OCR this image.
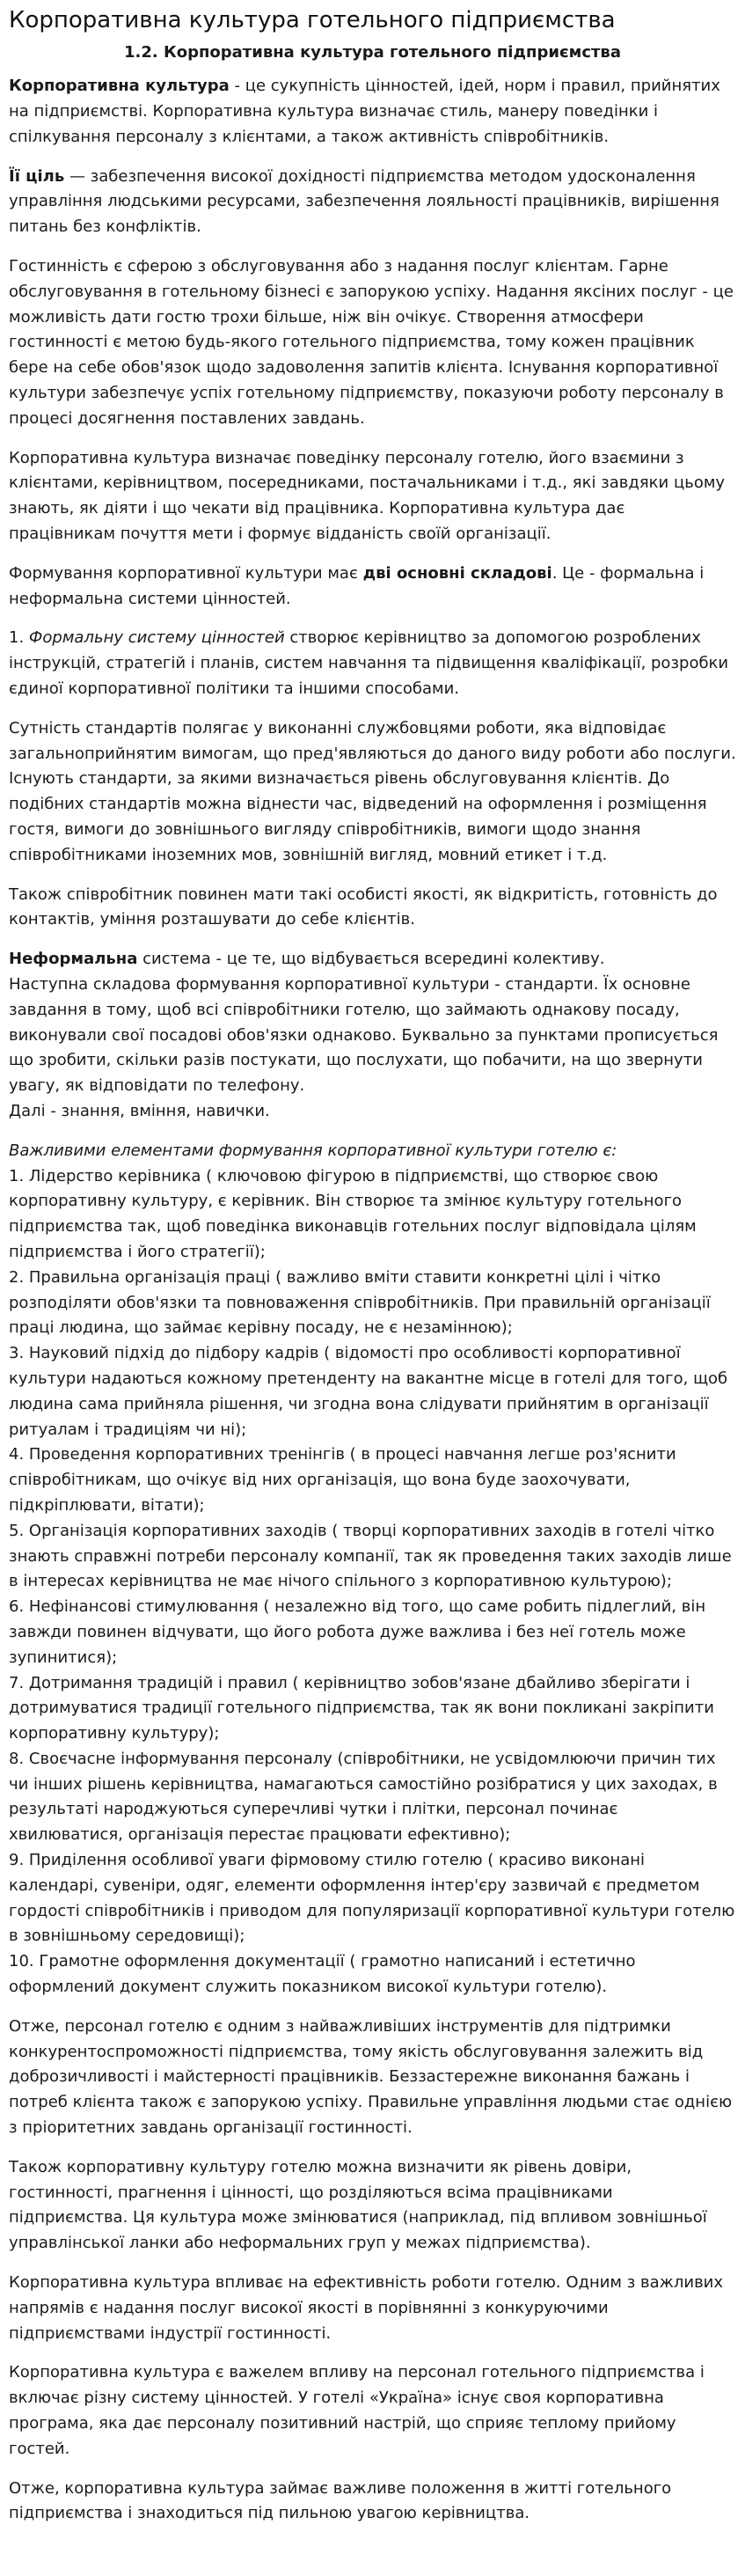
Корпоративна культура готельного підприємства
1.2. Корпоративна культура готельного підприємства

Корпоративна культура - це сукупність цінностей, ідей, норм і правил, прийнятих на підприємстві. Корпоративна культура визначає стиль, манеру поведінки і спілкування персоналу з клієнтами, а також активність співробітників.

Її ціль — забезпечення високої дохідності підприємства методом удосконалення управління людськими ресурсами, забезпечення лояльності працівників, вирішення питань без конфліктів.

Гостинність є сферою з обслуговування або з надання послуг клієнтам. Гарне обслуговування в готельному бізнесі є запорукою успіху. Надання яксіних послуг - це можливість дати гостю трохи більше, ніж він очікує. Створення атмосфери гостинності є метою будь-якого готельного підприємства, тому кожен працівник бере на себе обов'язок щодо задоволення запитів клієнта. Існування корпоративної культури забезпечує успіх готельному підприємству, показуючи роботу персоналу в процесі досягнення поставлених завдань.

Корпоративна культура визначає поведінку персоналу готелю, його взаємини з клієнтами, керівництвом, посередниками, постачальниками і т.д., які завдяки цьому знають, як діяти і що чекати від працівника. Корпоративна культура дає працівникам почуття мети і формує відданість своїй організації.

Формування корпоративної культури має дві основні складові. Це - формальна і неформальна системи цінностей.

1. Формальну систему цінностей створює керівництво за допомогою розроблених інструкцій, стратегій і планів, систем навчання та підвищення кваліфікації, розробки єдиної корпоративної політики та іншими способами.

Сутність стандартів полягає у виконанні службовцями роботи, яка відповідає загальноприйнятим вимогам, що пред'являються до даного виду роботи або послуги. Існують стандарти, за якими визначається рівень обслуговування клієнтів. До подібних стандартів можна віднести час, відведений на оформлення і розміщення гостя, вимоги до зовнішнього вигляду співробітників, вимоги щодо знання співробітниками іноземних мов, зовнішній вигляд, мовний етикет і т.д.

Також співробітник повинен мати такі особисті якості, як відкритість, готовність до контактів, уміння розташувати до себе клієнтів.

Неформальна система - це те, що відбувається всередині колективу.
Наступна складова формування корпоративної культури - стандарти. Їх основне завдання в тому, щоб всі співробітники готелю, що займають однакову посаду, виконували свої посадові обов'язки однаково. Буквально за пунктами прописується що зробити, скільки разів постукати, що послухати, що побачити, на що звернути увагу, як відповідати по телефону.
Далі - знання, вміння, навички.

Важливими елементами формування корпоративної культури готелю є:

1. Лідерство керівника ( ключовою фігурою в підприємстві, що створює свою корпоративну культуру, є керівник. Він створює та змінює культуру готельного підприємства так, щоб поведінка виконавців готельних послуг відповідала цілям підприємства і його стратегії);
2. Правильна організація праці ( важливо вміти ставити конкретні цілі і чітко розподіляти обов'язки та повноваження співробітників. При правильній організації праці людина, що займає керівну посаду, не є незамінною);
3. Науковий підхід до підбору кадрів ( відомості про особливості корпоративної культури надаються кожному претенденту на вакантне місце в готелі для того, щоб людина сама прийняла рішення, чи згодна вона слідувати прийнятим в організації ритуалам і традиціям чи ні);
4. Проведення корпоративних тренінгів ( в процесі навчання легше роз'яснити співробітникам, що очікує від них організація, що вона буде заохочувати, підкріплювати, вітати);
5. Організація корпоративних заходів ( творці корпоративних заходів в готелі чітко знають справжні потреби персоналу компанії, так як проведення таких заходів лише в інтересах керівництва не має нічого спільного з корпоративною культурою);
6. Нефінансові стимулювання ( незалежно від того, що саме робить підлеглий, він завжди повинен відчувати, що його робота дуже важлива і без неї готель може зупинитися);
7. Дотримання традицій і правил ( керівництво зобов'язане дбайливо зберігати і дотримуватися традиції готельного підприємства, так як вони покликані закріпити корпоративну культуру);
8. Своєчасне інформування персоналу (співробітники, не усвідомлюючи причин тих чи інших рішень керівництва, намагаються самостійно розібратися у цих заходах, в результаті народжуються суперечливі чутки і плітки, персонал починає хвилюватися, організація перестає працювати ефективно);
9. Приділення особливої уваги фірмовому стилю готелю ( красиво виконані календарі, сувеніри, одяг, елементи оформлення інтер'єру зазвичай є предметом гордості співробітників і приводом для популяризації корпоративної культури готелю в зовнішньому середовищі);
10. Грамотне оформлення документації ( грамотно написаний і естетично оформлений документ служить показником високої культури готелю).

Отже, персонал готелю є одним з найважливіших інструментів для підтримки конкурентоспроможності підприємства, тому якість обслуговування залежить від доброзичливості і майстерності працівників. Беззастережне виконання бажань і потреб клієнта також є запорукою успіху. Правильне управління людьми стає однією з пріоритетних завдань організації гостинності.

Також корпоративну культуру готелю можна визначити як рівень довіри, гостинності, прагнення і цінності, що розділяються всіма працівниками підприємства. Ця культура може змінюватися (наприклад, під впливом зовнішньої управлінської ланки або неформальних груп у межах підприємства).

Корпоративна культура впливає на ефективність роботи готелю. Одним з важливих напрямів є надання послуг високої якості в порівнянні з конкуруючими підприємствами індустрії гостинності.

Корпоративна культура є важелем впливу на персонал готельного підприємства і включає різну систему цінностей. У готелі «Україна» існує своя корпоративна програма, яка дає персоналу позитивний настрій, що сприяє теплому прийому гостей.

Отже, корпоративна культура займає важливе положення в житті готельного підприємства і знаходиться під пильною увагою керівництва.
